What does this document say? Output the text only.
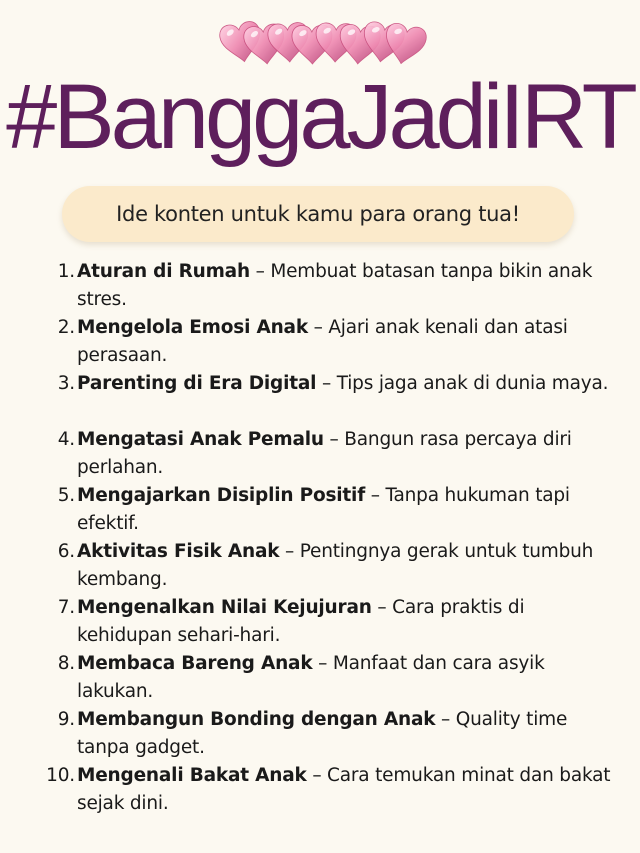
#BanggaJadiIRT
Ide konten untuk kamu para orang tua!
1. Aturan di Rumah – Membuat batasan tanpa bikin anak stres.
2. Mengelola Emosi Anak – Ajari anak kenali dan atasi perasaan.
3. Parenting di Era Digital – Tips jaga anak di dunia maya.
4. Mengatasi Anak Pemalu – Bangun rasa percaya diri perlahan.
5. Mengajarkan Disiplin Positif – Tanpa hukuman tapi efektif.
6. Aktivitas Fisik Anak – Pentingnya gerak untuk tumbuh kembang.
7. Mengenalkan Nilai Kejujuran – Cara praktis di kehidupan sehari-hari.
8. Membaca Bareng Anak – Manfaat dan cara asyik lakukan.
9. Membangun Bonding dengan Anak – Quality time tanpa gadget.
10. Mengenali Bakat Anak – Cara temukan minat dan bakat sejak dini.
